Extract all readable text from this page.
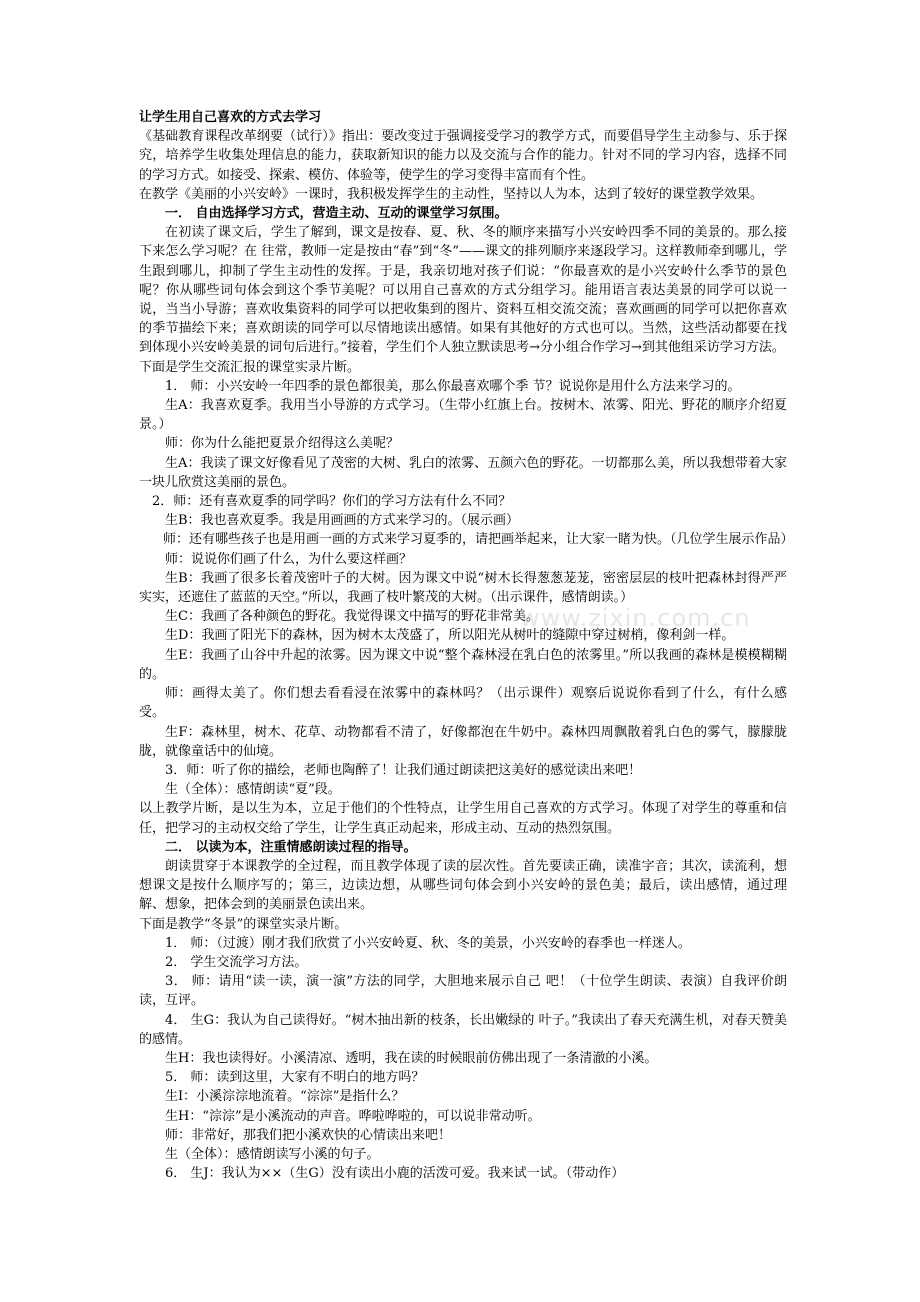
www.zixin.com.cn

让学生用自己喜欢的方式去学习

《基础教育课程改革纲要（试行）》指出：要改变过于强调接受学习的教学方式，而要倡导学生主动参与、乐于探究，培养学生收集处理信息的能力，获取新知识的能力以及交流与合作的能力。针对不同的学习内容，选择不同的学习方式。如接受、探索、模仿、体验等，使学生的学习变得丰富而有个性。

在教学《美丽的小兴安岭》一课时，我积极发挥学生的主动性，坚持以人为本，达到了较好的课堂教学效果。

一． 自由选择学习方式，营造主动、互动的课堂学习氛围。

在初读了课文后，学生了解到，课文是按春、夏、秋、冬的顺序来描写小兴安岭四季不同的美景的。那么接下来怎么学习呢？在 往常，教师一定是按由“春”到“冬”——课文的排列顺序来逐段学习。这样教师牵到哪儿，学生跟到哪儿，抑制了学生主动性的发挥。于是，我亲切地对孩子们说：“你最喜欢的是小兴安岭什么季节的景色呢？你从哪些词句体会到这个季节美呢？可以用自己喜欢的方式分组学习。能用语言表达美景的同学可以说一说，当当小导游；喜欢收集资料的同学可以把收集到的图片、资料互相交流交流；喜欢画画的同学可以把你喜欢的季节描绘下来；喜欢朗读的同学可以尽情地读出感情。如果有其他好的方式也可以。当然，这些活动都要在找到体现小兴安岭美景的词句后进行。”接着，学生们个人独立默读思考→分小组合作学习→到其他组采访学习方法。

下面是学生交流汇报的课堂实录片断。

1． 师：小兴安岭一年四季的景色都很美，那么你最喜欢哪个季 节？说说你是用什么方法来学习的。

生A：我喜欢夏季。我用当小导游的方式学习。（生带小红旗上台。按树木、浓雾、阳光、野花的顺序介绍夏景。）

师：你为什么能把夏景介绍得这么美呢？

生A：我读了课文好像看见了茂密的大树、乳白的浓雾、五颜六色的野花。一切都那么美，所以我想带着大家一块儿欣赏这美丽的景色。

2．师：还有喜欢夏季的同学吗？你们的学习方法有什么不同？

生B：我也喜欢夏季。我是用画画的方式来学习的。（展示画）

师：还有哪些孩子也是用画一画的方式来学习夏季的，请把画举起来，让大家一睹为快。（几位学生展示作品）

师：说说你们画了什么，为什么要这样画？

生B：我画了很多长着茂密叶子的大树。因为课文中说“树木长得葱葱茏茏，密密层层的枝叶把森林封得严严实实，还遮住了蓝蓝的天空。”所以，我画了枝叶繁茂的大树。（出示课件，感情朗读。）

生C：我画了各种颜色的野花。我觉得课文中描写的野花非常美。

生D：我画了阳光下的森林，因为树木太茂盛了，所以阳光从树叶的缝隙中穿过树梢，像利剑一样。

生E：我画了山谷中升起的浓雾。因为课文中说“整个森林浸在乳白色的浓雾里。”所以我画的森林是模模糊糊的。

师：画得太美了。你们想去看看浸在浓雾中的森林吗？（出示课件）观察后说说你看到了什么，有什么感受。

生F：森林里，树木、花草、动物都看不清了，好像都泡在牛奶中。森林四周飘散着乳白色的雾气，朦朦胧胧，就像童话中的仙境。

3．师：听了你的描绘，老师也陶醉了！让我们通过朗读把这美好的感觉读出来吧！

生（全体）：感情朗读“夏”段。

以上教学片断，是以生为本，立足于他们的个性特点，让学生用自己喜欢的方式学习。体现了对学生的尊重和信任，把学习的主动权交给了学生，让学生真正动起来，形成主动、互动的热烈氛围。

二． 以读为本，注重情感朗读过程的指导。

朗读贯穿于本课教学的全过程，而且教学体现了读的层次性。首先要读正确，读准字音；其次，读流利，想想课文是按什么顺序写的；第三，边读边想，从哪些词句体会到小兴安岭的景色美；最后，读出感情，通过理解、想象，把体会到的美丽景色读出来。

下面是教学“冬景”的课堂实录片断。

1． 师：（过渡）刚才我们欣赏了小兴安岭夏、秋、冬的美景，小兴安岭的春季也一样迷人。

2． 学生交流学习方法。

3． 师：请用“读一读，演一演”方法的同学，大胆地来展示自己 吧！（十位学生朗读、表演）自我评价朗读，互评。

4． 生G：我认为自己读得好。“树木抽出新的枝条，长出嫩绿的 叶子。”我读出了春天充满生机，对春天赞美的感情。

生H：我也读得好。小溪清凉、透明，我在读的时候眼前仿佛出现了一条清澈的小溪。

5． 师：读到这里，大家有不明白的地方吗？

生I：小溪淙淙地流着。“淙淙”是指什么？

生H：“淙淙”是小溪流动的声音。哗啦哗啦的，可以说非常动听。

师：非常好，那我们把小溪欢快的心情读出来吧！

生（全体）：感情朗读写小溪的句子。

6． 生J：我认为××（生G）没有读出小鹿的活泼可爱。我来试一试。（带动作）
